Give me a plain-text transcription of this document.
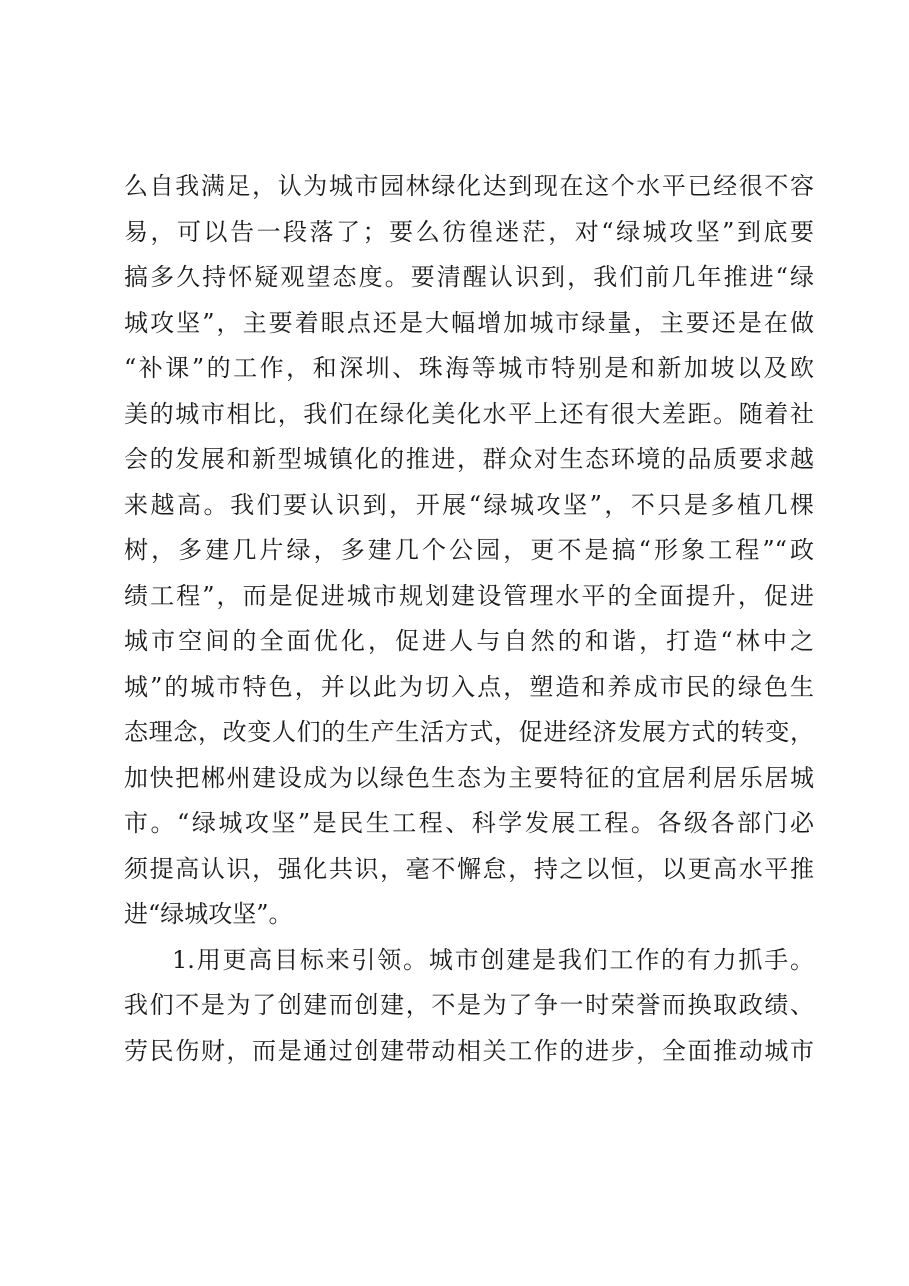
么自我满足，认为城市园林绿化达到现在这个水平已经很不容
易，可以告一段落了；要么彷徨迷茫，对“绿城攻坚”到底要
搞多久持怀疑观望态度。要清醒认识到，我们前几年推进“绿
城攻坚”，主要着眼点还是大幅增加城市绿量，主要还是在做
“补课”的工作，和深圳、珠海等城市特别是和新加坡以及欧
美的城市相比，我们在绿化美化水平上还有很大差距。随着社
会的发展和新型城镇化的推进，群众对生态环境的品质要求越
来越高。我们要认识到，开展“绿城攻坚”，不只是多植几棵
树，多建几片绿，多建几个公园，更不是搞“形象工程”“政
绩工程”，而是促进城市规划建设管理水平的全面提升，促进
城市空间的全面优化，促进人与自然的和谐，打造“林中之
城”的城市特色，并以此为切入点，塑造和养成市民的绿色生
态理念，改变人们的生产生活方式，促进经济发展方式的转变，
加快把郴州建设成为以绿色生态为主要特征的宜居利居乐居城
市。“绿城攻坚”是民生工程、科学发展工程。各级各部门必
须提高认识，强化共识，毫不懈怠，持之以恒，以更高水平推
进“绿城攻坚”。
1.用更高目标来引领。城市创建是我们工作的有力抓手。
我们不是为了创建而创建，不是为了争一时荣誉而换取政绩、
劳民伤财，而是通过创建带动相关工作的进步，全面推动城市
